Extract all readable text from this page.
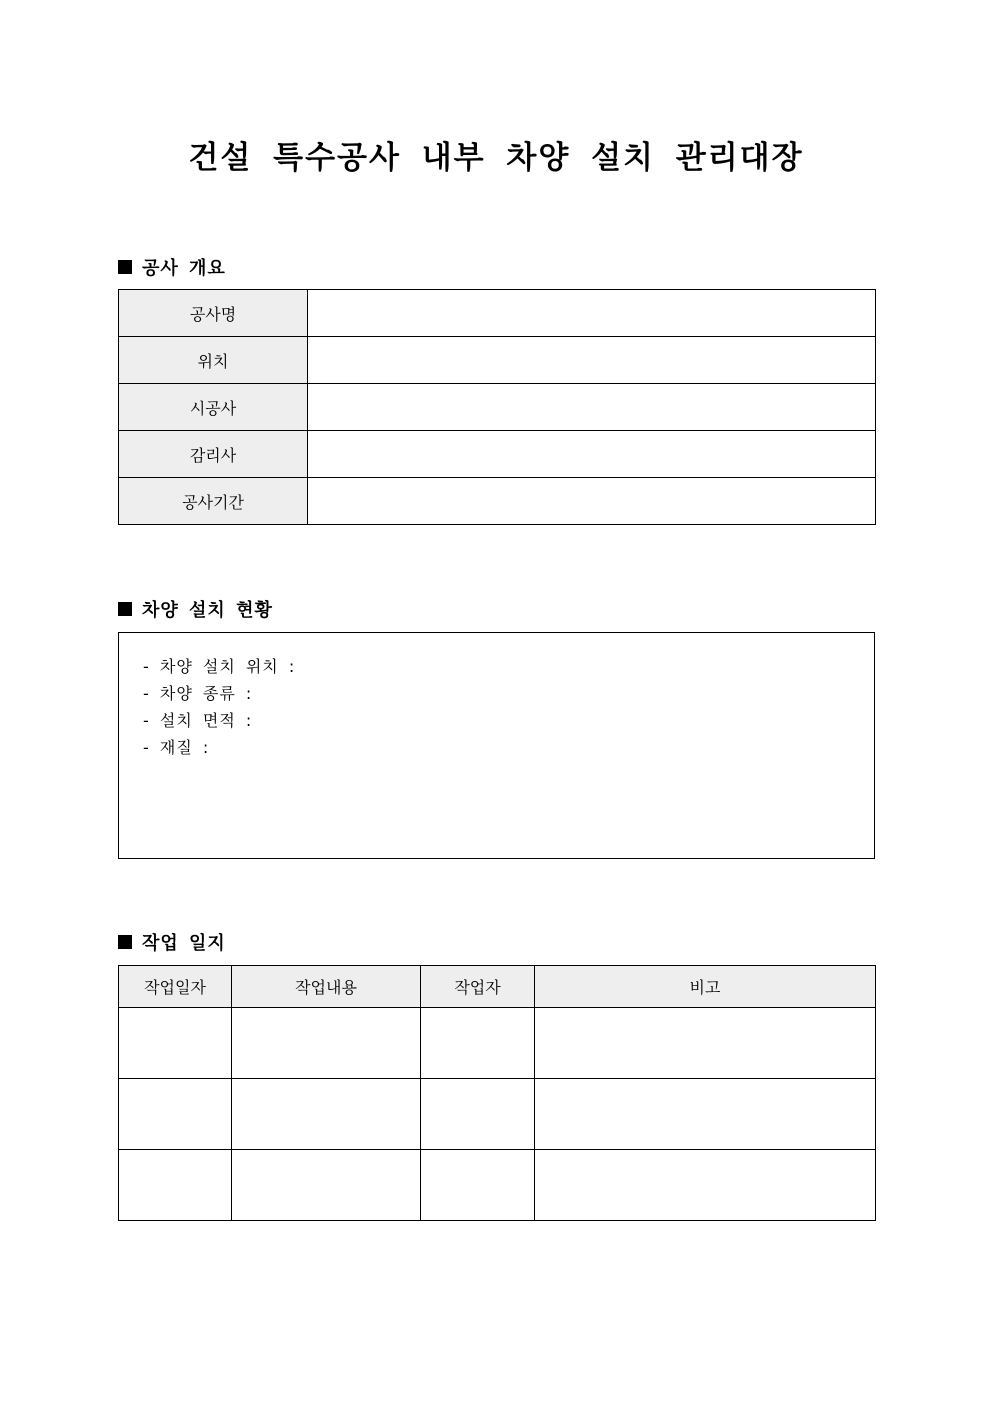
건설 특수공사 내부 차양 설치 관리대장
공사 개요
공사명	
위치	
시공사	
감리사	
공사기간	
차양 설치 현황
- 차양 설치 위치 :
- 차양 종류 :
- 설치 면적 :
- 재질 :
작업 일지
작업일자	작업내용	작업자	비고
